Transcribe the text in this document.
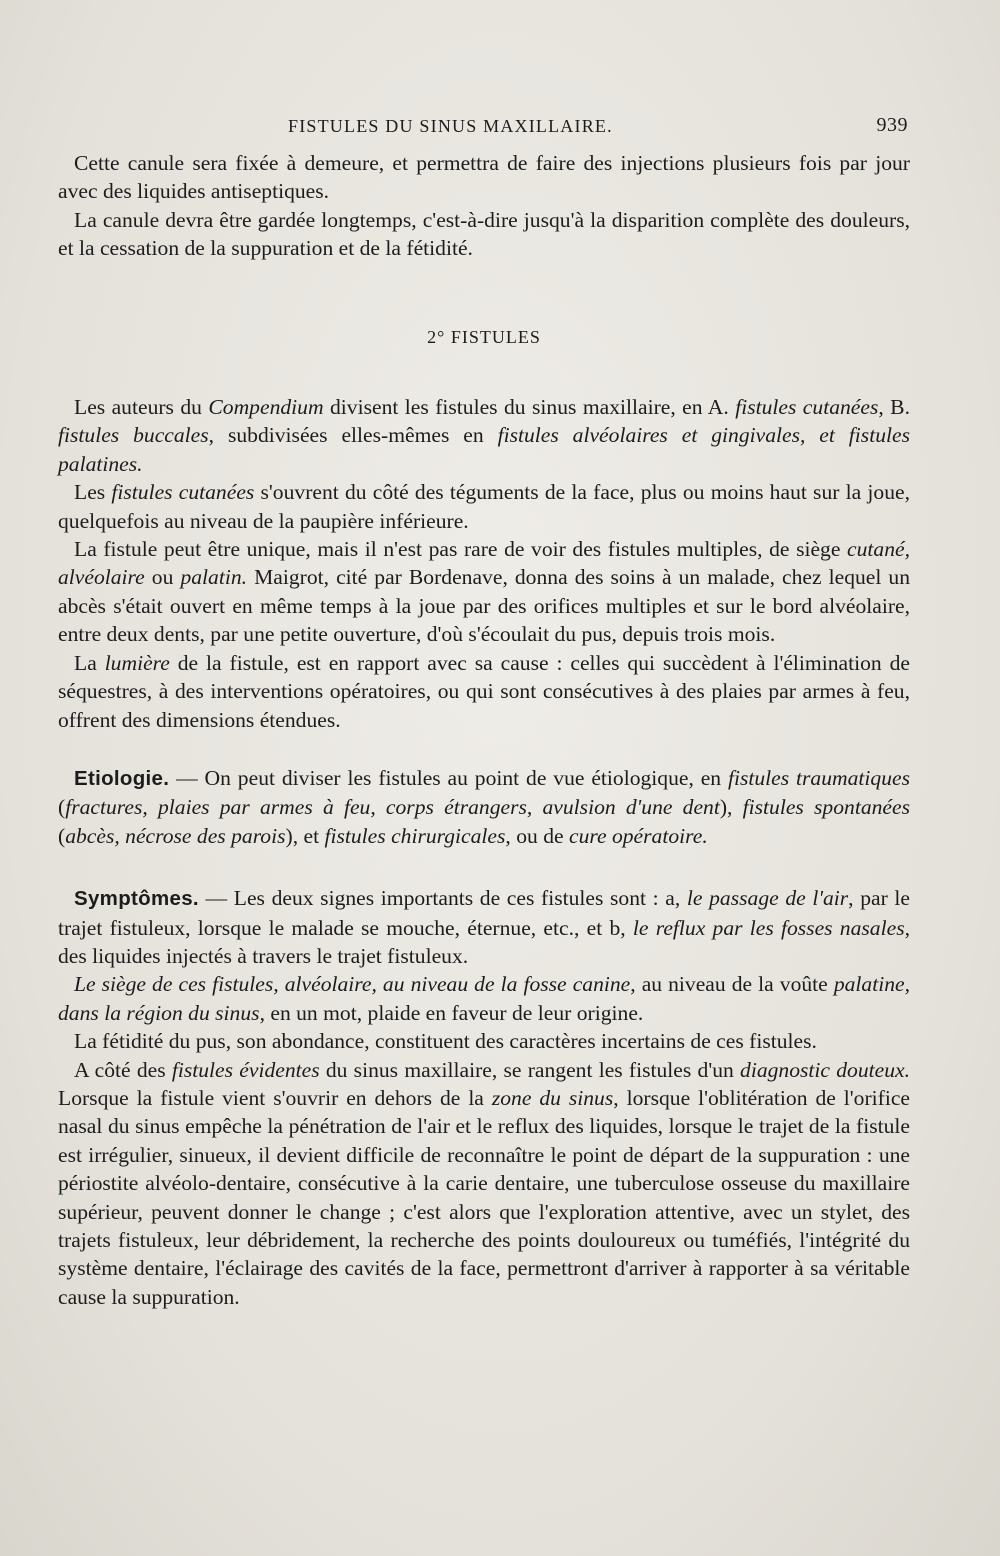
FISTULES DU SINUS MAXILLAIRE.	939

Cette canule sera fixée à demeure, et permettra de faire des injections plusieurs fois par jour avec des liquides antiseptiques.

La canule devra être gardée longtemps, c'est-à-dire jusqu'à la disparition complète des douleurs, et la cessation de la suppuration et de la fétidité.

2° FISTULES

Les auteurs du Compendium divisent les fistules du sinus maxillaire, en A. fistules cutanées, B. fistules buccales, subdivisées elles-mêmes en fistules alvéolaires et gingivales, et fistules palatines.

Les fistules cutanées s'ouvrent du côté des téguments de la face, plus ou moins haut sur la joue, quelquefois au niveau de la paupière inférieure.

La fistule peut être unique, mais il n'est pas rare de voir des fistules multiples, de siège cutané, alvéolaire ou palatin. Maigrot, cité par Bordenave, donna des soins à un malade, chez lequel un abcès s'était ouvert en même temps à la joue par des orifices multiples et sur le bord alvéolaire, entre deux dents, par une petite ouverture, d'où s'écoulait du pus, depuis trois mois.

La lumière de la fistule, est en rapport avec sa cause : celles qui succèdent à l'élimination de séquestres, à des interventions opératoires, ou qui sont consécutives à des plaies par armes à feu, offrent des dimensions étendues.

Etiologie. — On peut diviser les fistules au point de vue étiologique, en fistules traumatiques (fractures, plaies par armes à feu, corps étrangers, avulsion d'une dent), fistules spontanées (abcès, nécrose des parois), et fistules chirurgicales, ou de cure opératoire.

Symptômes. — Les deux signes importants de ces fistules sont : a, le passage de l'air, par le trajet fistuleux, lorsque le malade se mouche, éternue, etc., et b, le reflux par les fosses nasales, des liquides injectés à travers le trajet fistuleux.

Le siège de ces fistules, alvéolaire, au niveau de la fosse canine, au niveau de la voûte palatine, dans la région du sinus, en un mot, plaide en faveur de leur origine.

La fétidité du pus, son abondance, constituent des caractères incertains de ces fistules.

A côté des fistules évidentes du sinus maxillaire, se rangent les fistules d'un diagnostic douteux. Lorsque la fistule vient s'ouvrir en dehors de la zone du sinus, lorsque l'oblitération de l'orifice nasal du sinus empêche la pénétration de l'air et le reflux des liquides, lorsque le trajet de la fistule est irrégulier, sinueux, il devient difficile de reconnaître le point de départ de la suppuration : une périostite alvéolo-dentaire, consécutive à la carie dentaire, une tuberculose osseuse du maxillaire supérieur, peuvent donner le change ; c'est alors que l'exploration attentive, avec un stylet, des trajets fistuleux, leur débridement, la recherche des points douloureux ou tuméfiés, l'intégrité du système dentaire, l'éclairage des cavités de la face, permettront d'arriver à rapporter à sa véritable cause la suppuration.
